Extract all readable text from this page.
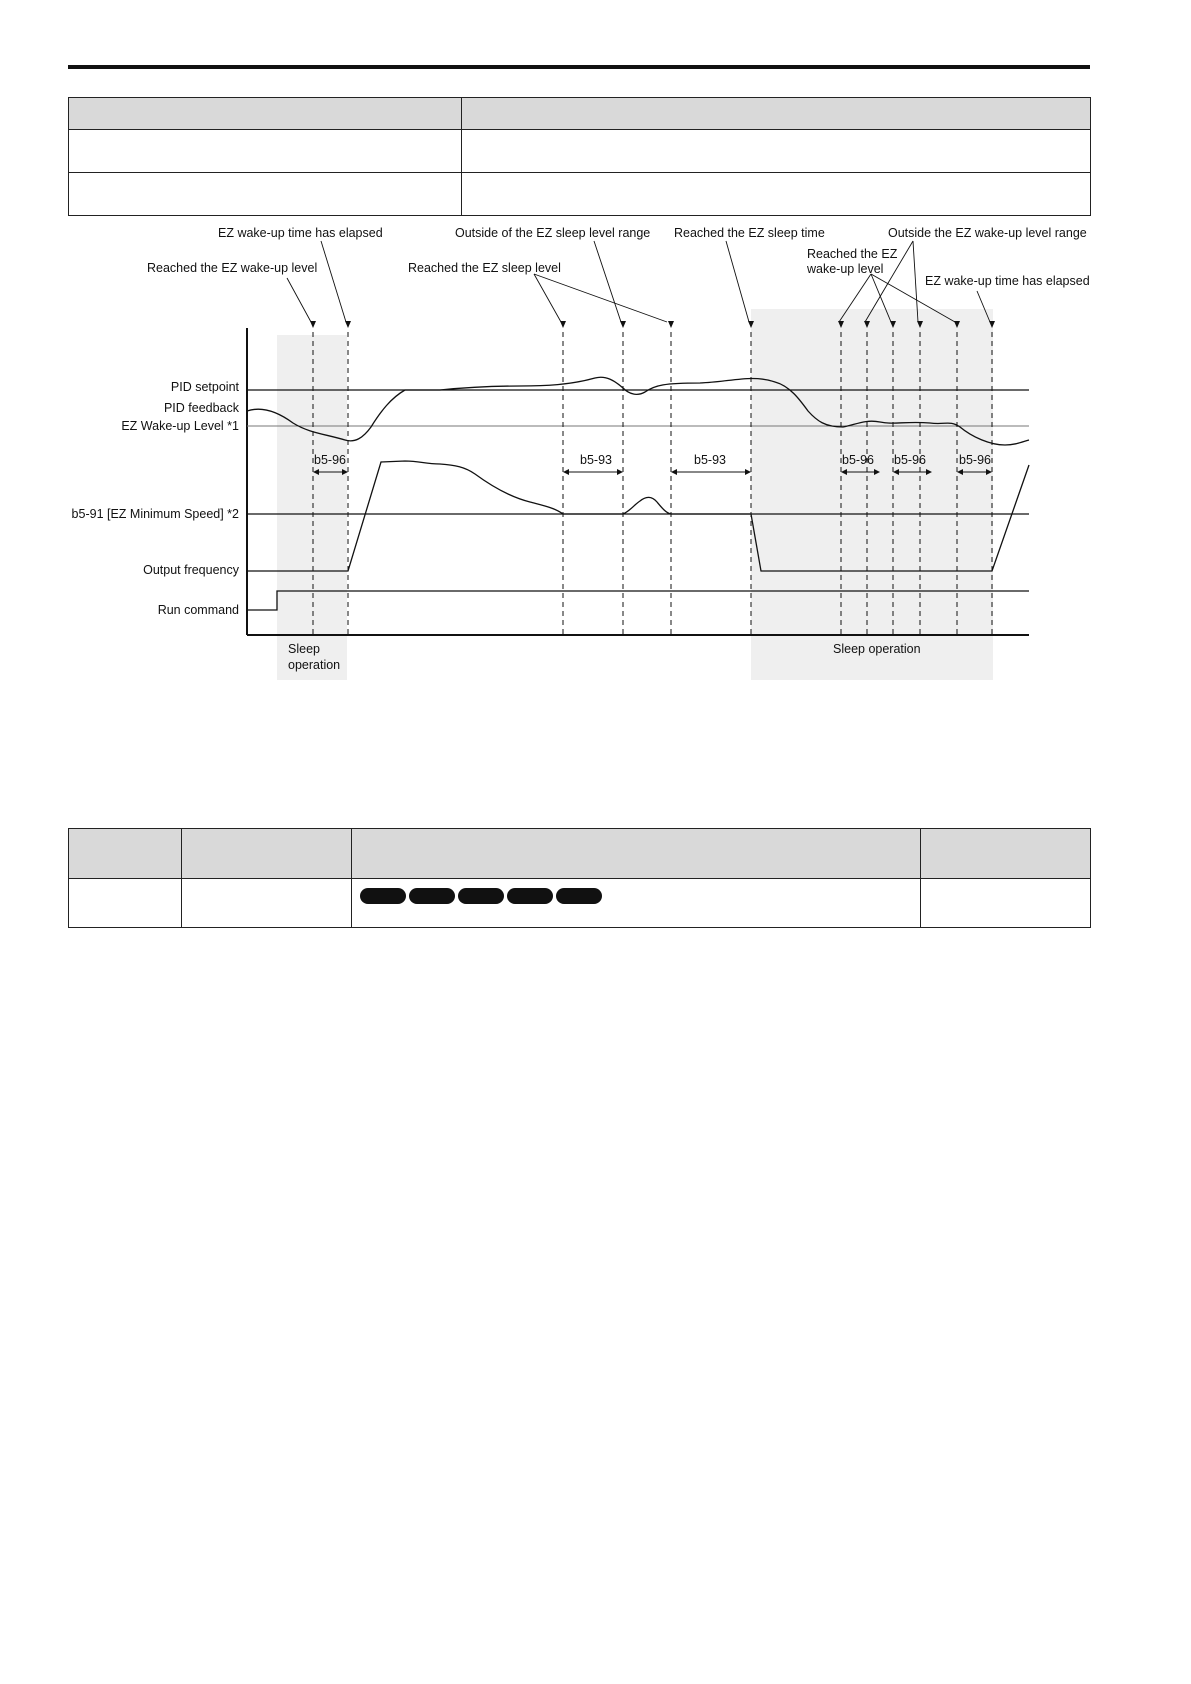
EZ wake-up time has elapsed
Reached the EZ wake-up level
Outside of the EZ sleep level range
Reached the EZ sleep level
Reached the EZ sleep time	Outside the EZ wake-up level range
Reached the EZ
wake-up level
EZ wake-up time has elapsed
PID setpoint
PID feedback
EZ Wake-up Level *1
b5-91 [EZ Minimum Speed] *2
Output frequency
Run command
b5-96	b5-93	b5-93	b5-96 b5-96	b5-96
Sleep
operation
Sleep operation
